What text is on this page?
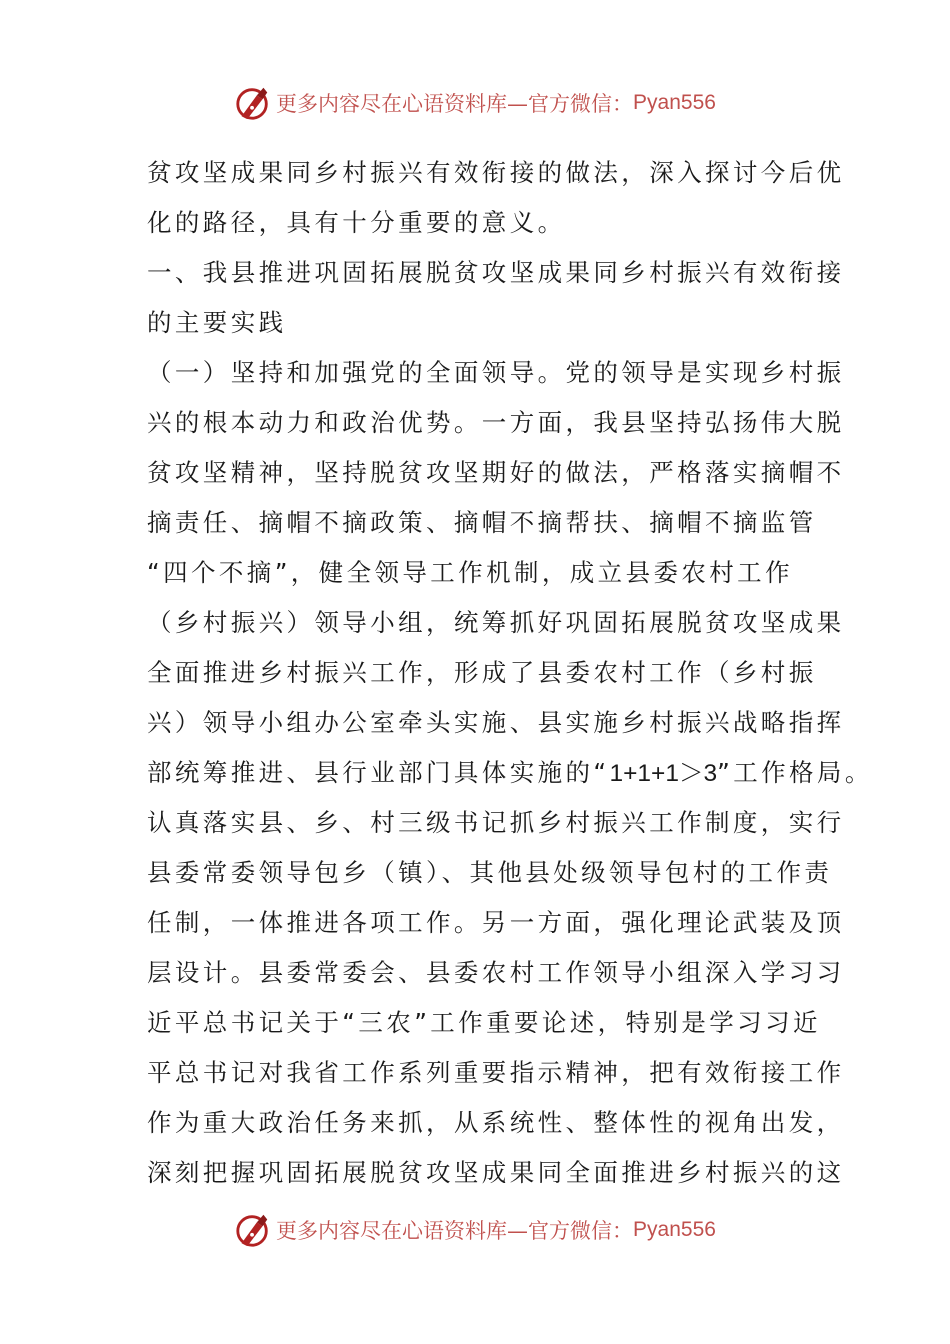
更多内容尽在心语资料库—官方微信： Pyan556
贫攻坚成果同乡村振兴有效衔接的做法，深入探讨今后优
化的路径，具有十分重要的意义。
一、我县推进巩固拓展脱贫攻坚成果同乡村振兴有效衔接
的主要实践
（一）坚持和加强党的全面领导。党的领导是实现乡村振
兴的根本动力和政治优势。一方面，我县坚持弘扬伟大脱
贫攻坚精神，坚持脱贫攻坚期好的做法，严格落实摘帽不
摘责任、摘帽不摘政策、摘帽不摘帮扶、摘帽不摘监管
“四个不摘”，健全领导工作机制，成立县委农村工作
（乡村振兴）领导小组，统筹抓好巩固拓展脱贫攻坚成果
全面推进乡村振兴工作，形成了县委农村工作（乡村振
兴）领导小组办公室牵头实施、县实施乡村振兴战略指挥
部统筹推进、县行业部门具体实施的“1+1+1＞3”工作格局。
认真落实县、乡、村三级书记抓乡村振兴工作制度，实行
县委常委领导包乡（镇）、其他县处级领导包村的工作责
任制，一体推进各项工作。另一方面，强化理论武装及顶
层设计。县委常委会、县委农村工作领导小组深入学习习
近平总书记关于“三农”工作重要论述，特别是学习习近
平总书记对我省工作系列重要指示精神，把有效衔接工作
作为重大政治任务来抓，从系统性、整体性的视角出发，
深刻把握巩固拓展脱贫攻坚成果同全面推进乡村振兴的这
更多内容尽在心语资料库—官方微信： Pyan556
